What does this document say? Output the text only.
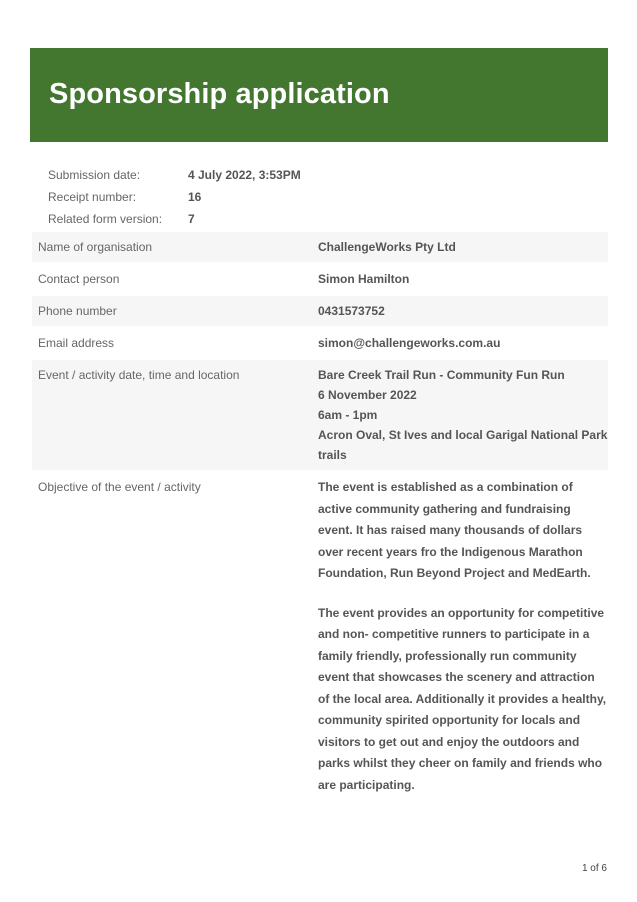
Sponsorship application
Submission date:	4 July 2022, 3:53PM
Receipt number:	16
Related form version:	7
Name of organisation	ChallengeWorks Pty Ltd
Contact person	Simon Hamilton
Phone number	0431573752
Email address	simon@challengeworks.com.au
Event / activity date, time and location	Bare Creek Trail Run - Community Fun Run
6 November 2022
6am - 1pm
Acron Oval, St Ives and local Garigal National Park trails
Objective of the event / activity	The event is established as a combination of active community gathering and fundraising event. It has raised many thousands of dollars over recent years fro the Indigenous Marathon Foundation, Run Beyond Project and MedEarth.

The event provides an opportunity for competitive and non- competitive runners to participate in a family friendly, professionally run community event that showcases the scenery and attraction of the local area. Additionally it provides a healthy, community spirited opportunity for locals and visitors to get out and enjoy the outdoors and parks whilst they cheer on family and friends who are participating.

1 of 6
